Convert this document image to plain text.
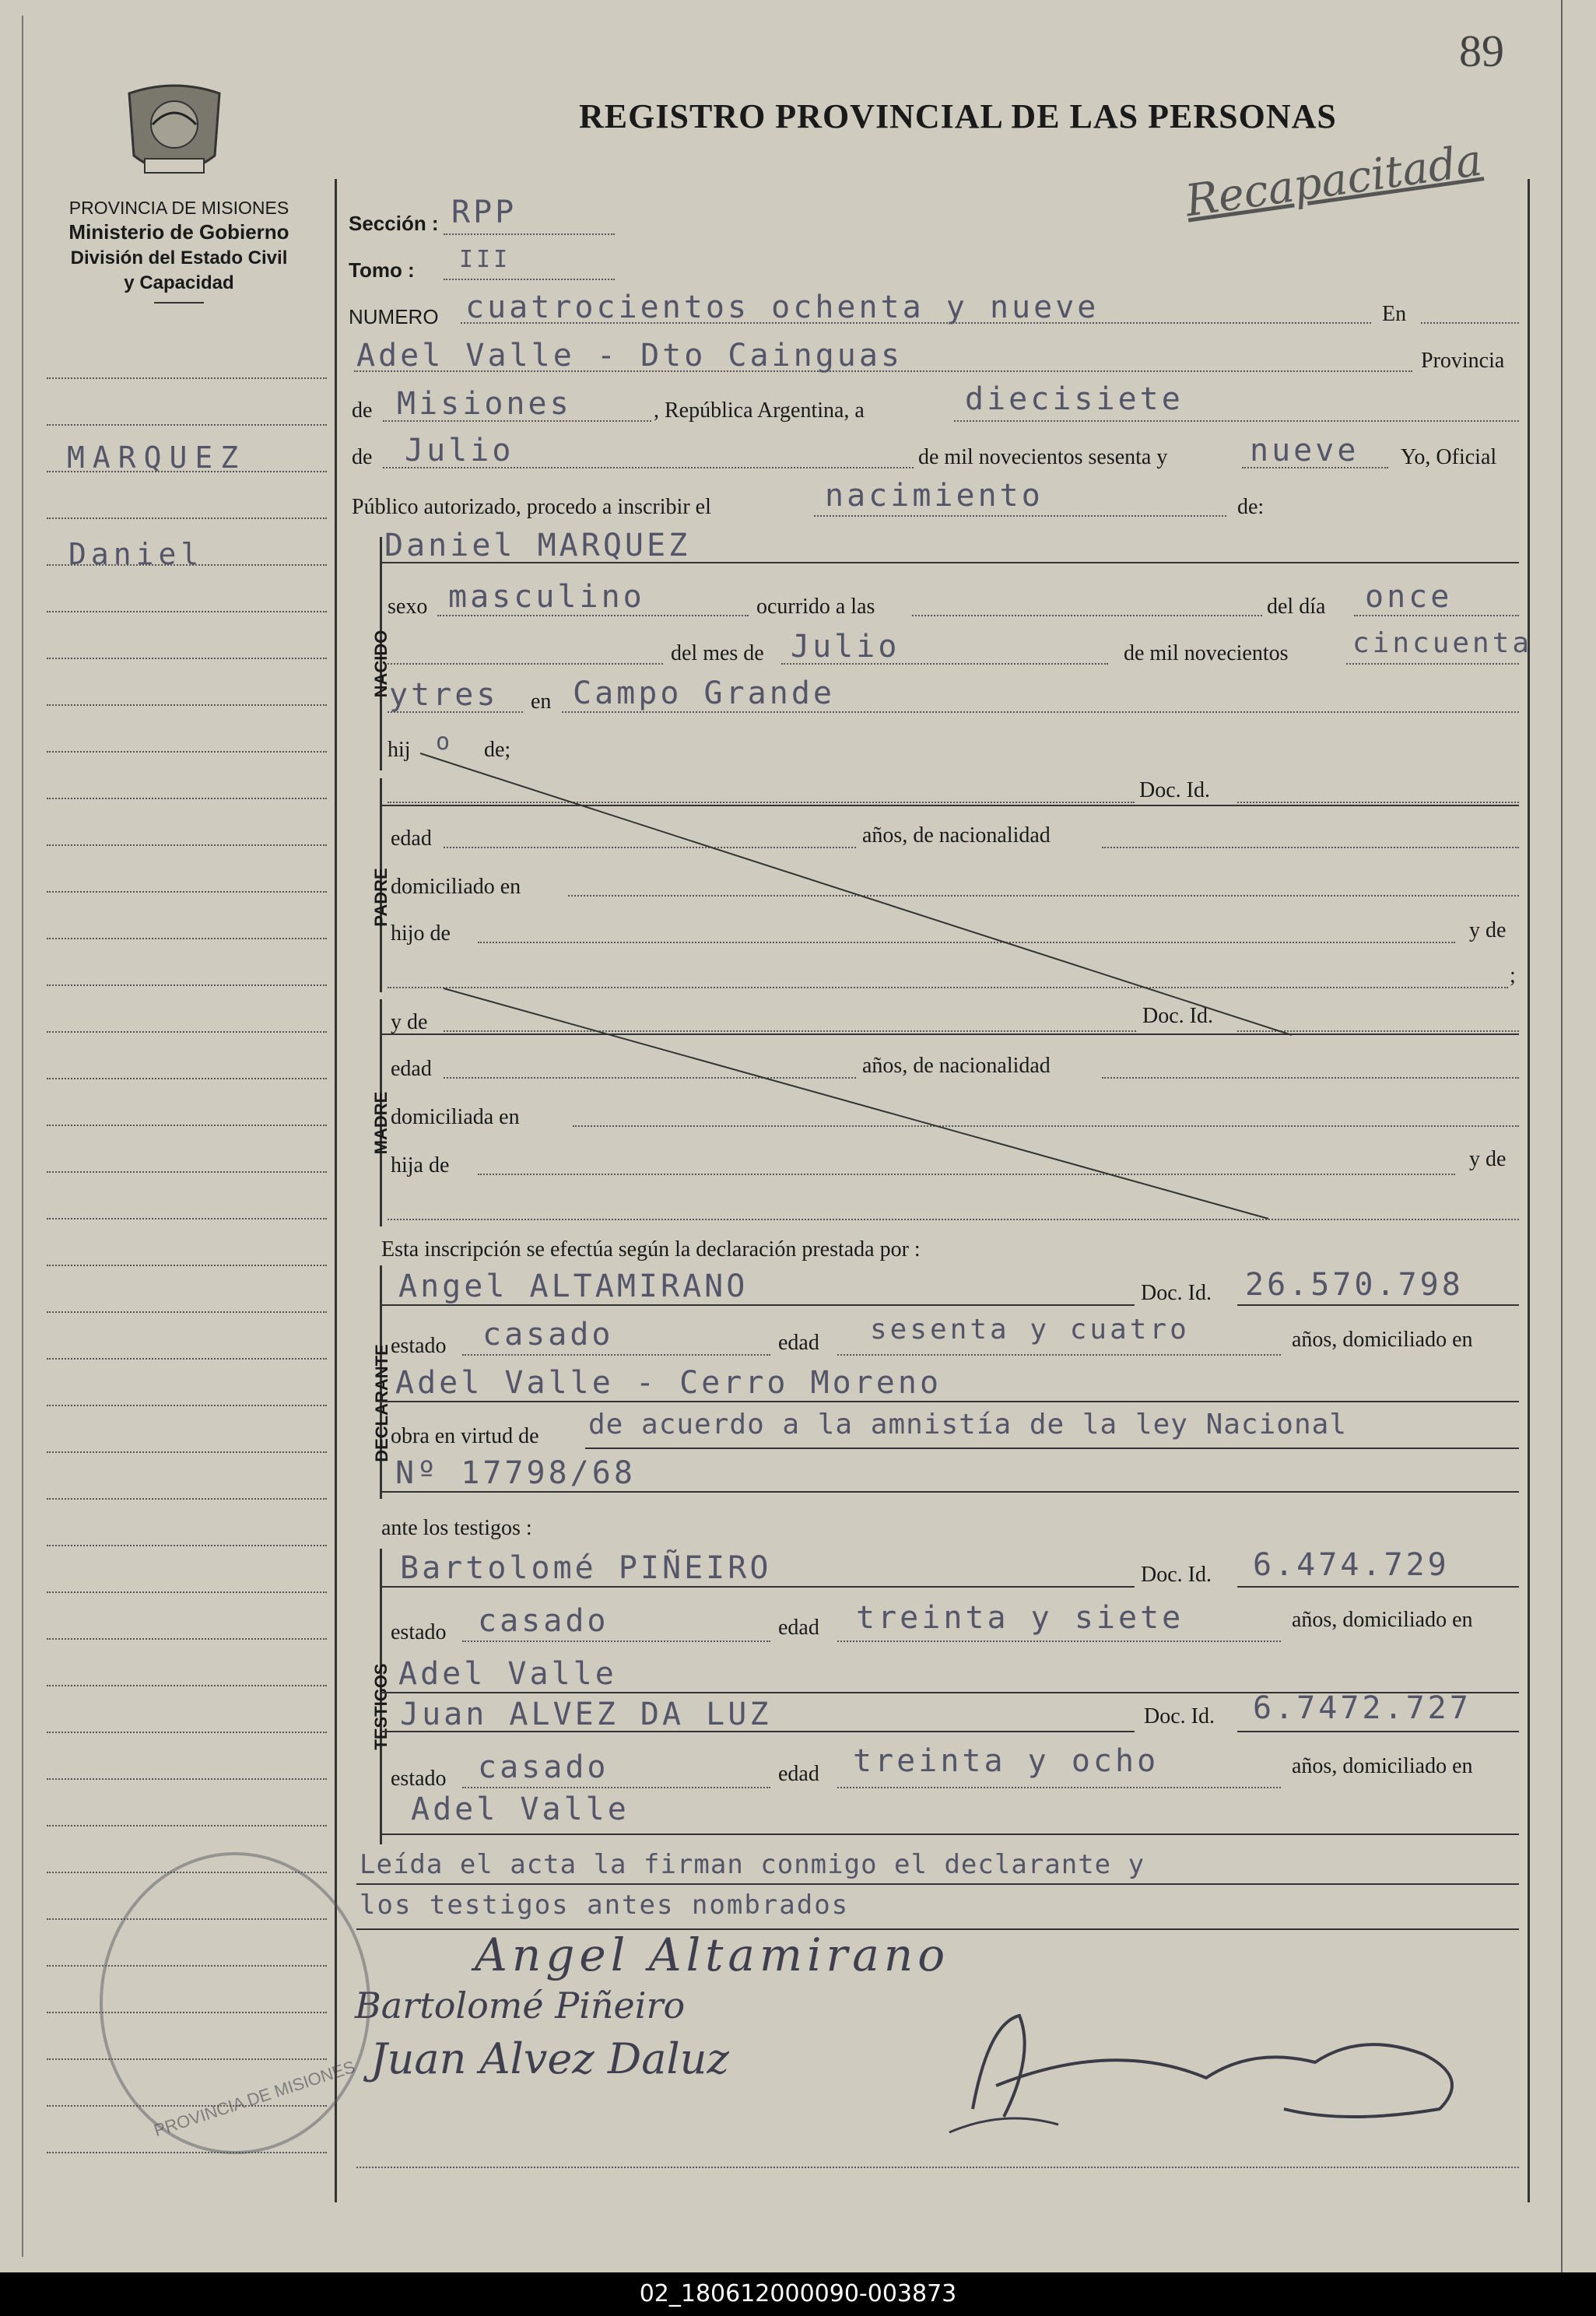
89
PROVINCIA DE MISIONES
Ministerio de Gobierno
División del Estado Civil
y Capacidad
REGISTRO PROVINCIAL DE LAS PERSONAS
Recapacitada
MARQUEZ
Daniel
Sección : RPP
Tomo : III
NUMERO cuatrocientos ochenta y nueve	En
Adel Valle - Dto Cainguas	Provincia
de Misiones	, República Argentina, a	diecisiete
de Julio	de mil novecientos sesenta y	nueve Yo, Oficial
Público autorizado, procedo a inscribir el	nacimiento	de:
NACIDO
Daniel MARQUEZ
sexo masculino	ocurrido a las	del día once
del mes de Julio	de mil novecientos cincuenta
ytres en Campo Grande
hij o de;
PADRE
Doc. Id.
edad	años, de nacionalidad
domiciliado en
hijo de	y de
;
MADRE
y de	Doc. Id.
edad	años, de nacionalidad
domiciliada en
hija de	y de
Esta inscripción se efectúa según la declaración prestada por :
DECLARANTE
Angel ALTAMIRANO	Doc. Id. 26.570.798
estado casado	edad sesenta y cuatro	años, domiciliado en
Adel Valle - Cerro Moreno
obra en virtud de de acuerdo a la amnistía de la ley Nacional
Nº 17798/68
ante los testigos :
TESTIGOS
Bartolomé PIÑEIRO	Doc. Id. 6.474.729
estado casado	edad treinta y siete	años, domiciliado en
Adel Valle
Juan ALVEZ DA LUZ	Doc. Id. 6.7472.727
estado casado	edad treinta y ocho	años, domiciliado en
Adel Valle
Leída el acta la firman conmigo el declarante y
los testigos antes nombrados
Angel Altamirano
Bartolomé Piñeiro
Juan Alvez Daluz
PROVINCIA DE MISIONES
02_180612000090-003873
